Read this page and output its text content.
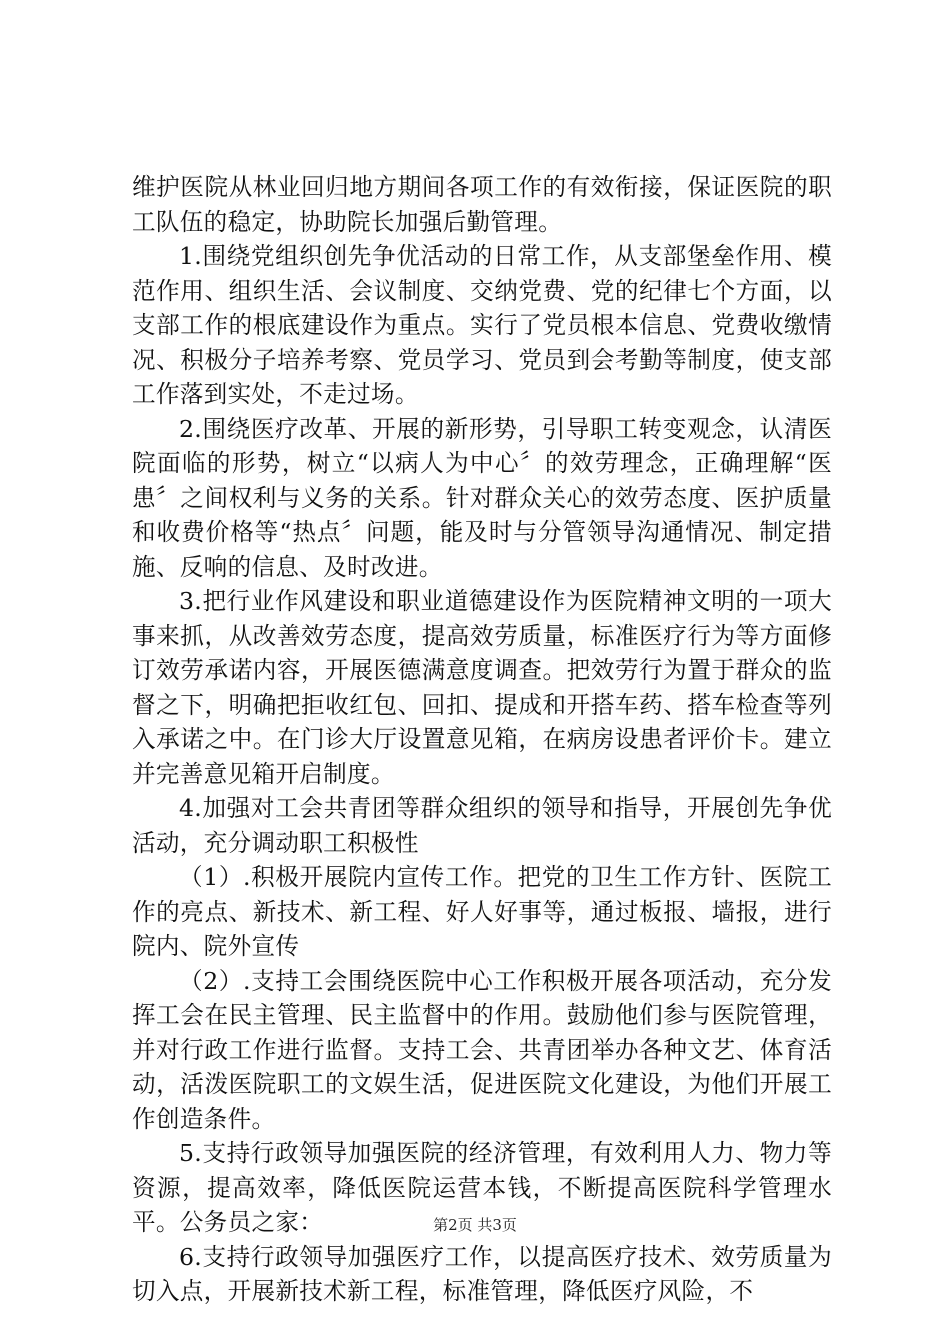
维护医院从林业回归地方期间各项工作的有效衔接，保证医院的职工队伍的稳定，协助院长加强后勤管理。

1.围绕党组织创先争优活动的日常工作，从支部堡垒作用、模范作用、组织生活、会议制度、交纳党费、党的纪律七个方面，以支部工作的根底建设作为重点。实行了党员根本信息、党费收缴情况、积极分子培养考察、党员学习、党员到会考勤等制度，使支部工作落到实处，不走过场。

2.围绕医疗改革、开展的新形势，引导职工转变观念，认清医院面临的形势，树立“以病人为中心〞的效劳理念，正确理解“医患〞之间权利与义务的关系。针对群众关心的效劳态度、医护质量和收费价格等“热点〞问题，能及时与分管领导沟通情况、制定措施、反响的信息、及时改进。

3.把行业作风建设和职业道德建设作为医院精神文明的一项大事来抓，从改善效劳态度，提高效劳质量，标准医疗行为等方面修订效劳承诺内容，开展医德满意度调查。把效劳行为置于群众的监督之下，明确把拒收红包、回扣、提成和开搭车药、搭车检查等列入承诺之中。在门诊大厅设置意见箱，在病房设患者评价卡。建立并完善意见箱开启制度。

4.加强对工会共青团等群众组织的领导和指导，开展创先争优活动，充分调动职工积极性

（1）.积极开展院内宣传工作。把党的卫生工作方针、医院工作的亮点、新技术、新工程、好人好事等，通过板报、墙报，进行院内、院外宣传

（2）.支持工会围绕医院中心工作积极开展各项活动，充分发挥工会在民主管理、民主监督中的作用。鼓励他们参与医院管理，并对行政工作进行监督。支持工会、共青团举办各种文艺、体育活动，活泼医院职工的文娱生活，促进医院文化建设，为他们开展工作创造条件。

5.支持行政领导加强医院的经济管理，有效利用人力、物力等资源，提高效率，降低医院运营本钱，不断提高医院科学管理水平。公务员之家：

6.支持行政领导加强医疗工作，以提高医疗技术、效劳质量为切入点，开展新技术新工程，标准管理，降低医疗风险，不

第2页 共3页
